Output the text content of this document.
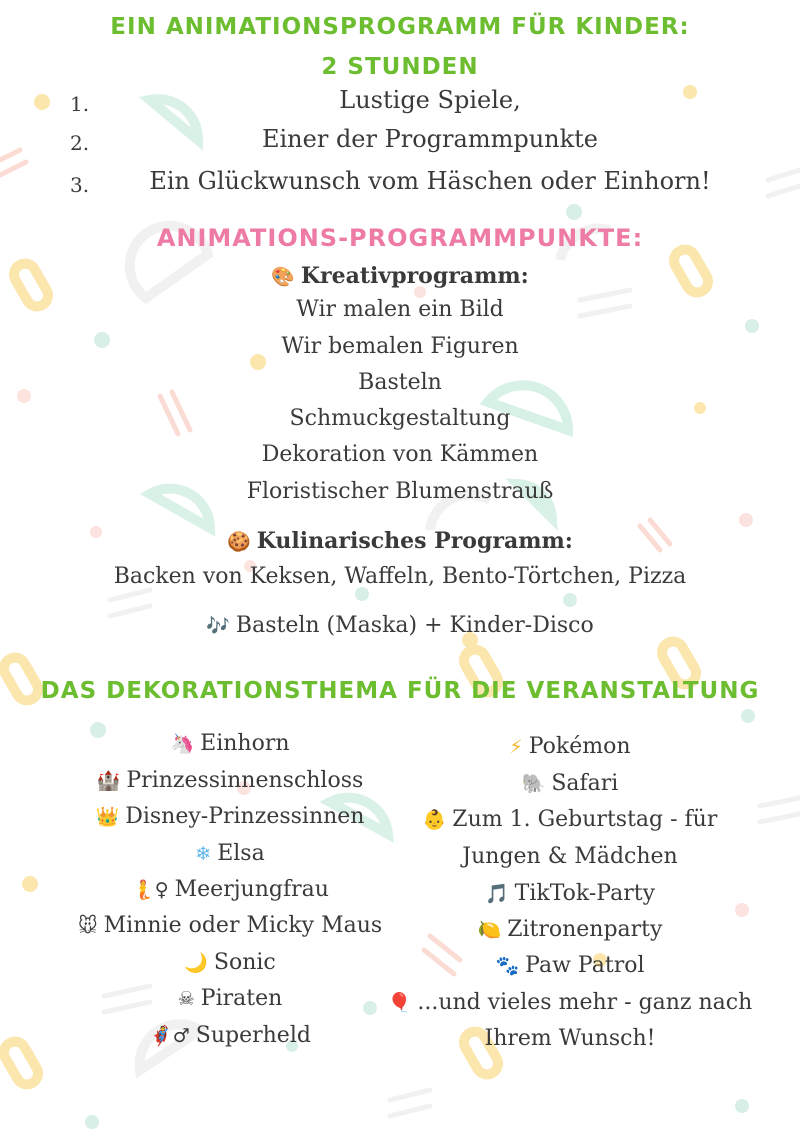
EIN ANIMATIONSPROGRAMM FÜR KINDER:
2 STUNDEN
1.	Lustige Spiele,
2.	Einer der Programmpunkte
3.	Ein Glückwunsch vom Häschen oder Einhorn!
ANIMATIONS-PROGRAMMPUNKTE:
🎨 Kreativprogramm:
Wir malen ein Bild
Wir bemalen Figuren
Basteln
Schmuckgestaltung
Dekoration von Kämmen
Floristischer Blumenstrauß
🍪 Kulinarisches Programm:
Backen von Keksen, Waffeln, Bento-Törtchen, Pizza
🎶 Basteln (Maska) + Kinder-Disco
DAS DEKORATIONSTHEMA FÜR DIE VERANSTALTUNG
🦄 Einhorn
🏰 Prinzessinnenschloss
👑 Disney-Prinzessinnen
❄ Elsa
🧜♀ Meerjungfrau
🐭 Minnie oder Micky Maus
🌙 Sonic
☠ Piraten
🦸♂ Superheld
⚡ Pokémon
🐘 Safari
👶 Zum 1. Geburtstag - für
Jungen & Mädchen
🎵 TikTok-Party
🍋 Zitronenparty
🐾 Paw Patrol
🎈 ...und vieles mehr - ganz nach
Ihrem Wunsch!
